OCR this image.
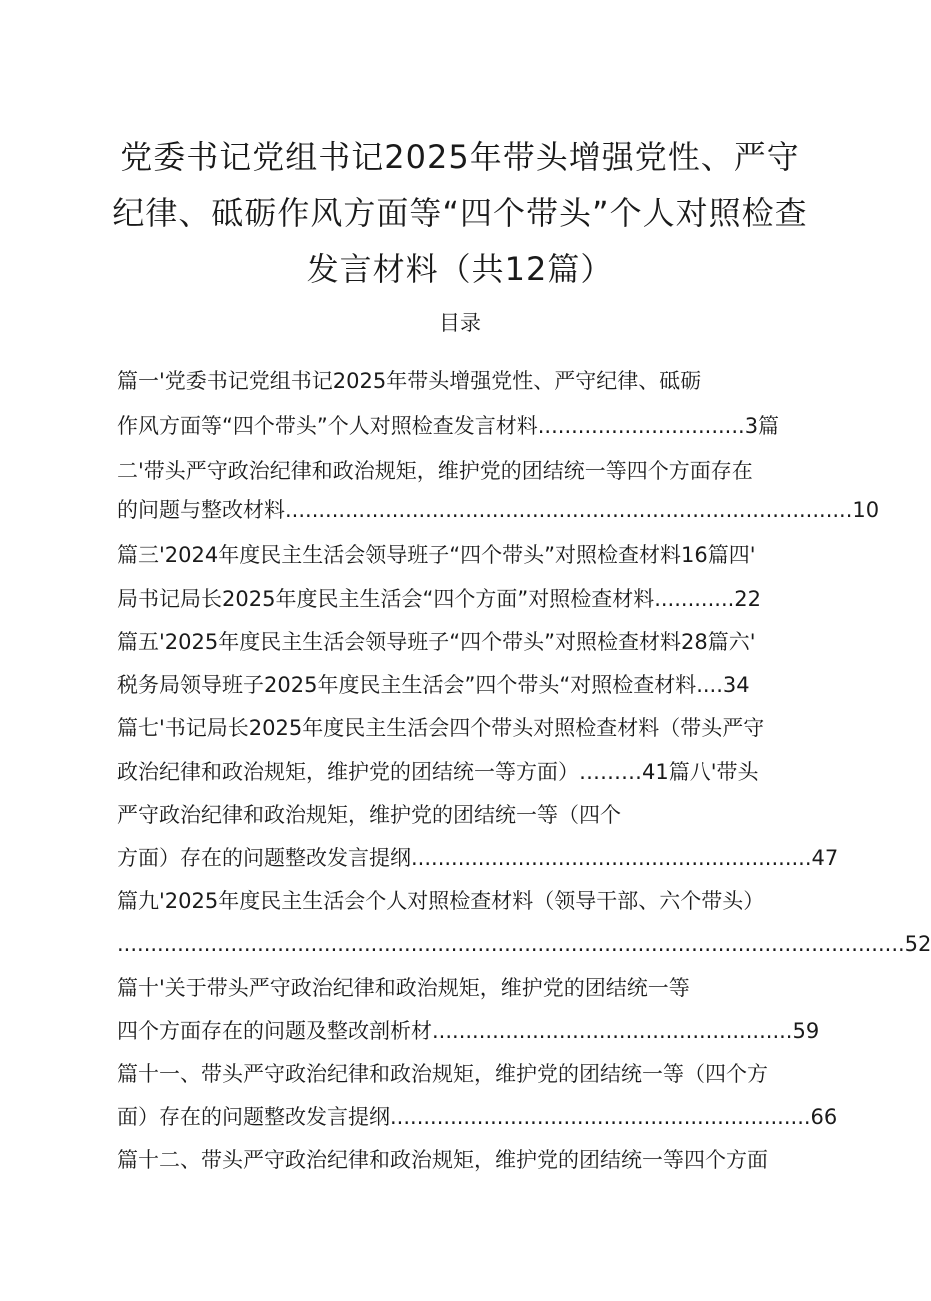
党委书记党组书记2025年带头增强党性、严守
纪律、砥砺作风方面等“四个带头”个人对照检查
发言材料（共12篇）
目录
篇一'党委书记党组书记2025年带头增强党性、严守纪律、砥砺
作风方面等“四个带头”个人对照检查发言材料...............................3篇
二'带头严守政治纪律和政治规矩，维护党的团结统一等四个方面存在
的问题与整改材料.....................................................................................10
篇三'2024年度民主生活会领导班子“四个带头”对照检查材料16篇四'
局书记局长2025年度民主生活会“四个方面”对照检查材料............22
篇五'2025年度民主生活会领导班子“四个带头”对照检查材料28篇六'
税务局领导班子2025年度民主生活会”四个带头“对照检查材料....34
篇七'书记局长2025年度民主生活会四个带头对照检查材料（带头严守
政治纪律和政治规矩，维护党的团结统一等方面）………41篇八'带头
严守政治纪律和政治规矩，维护党的团结统一等（四个
方面）存在的问题整改发言提纲............................................................47
篇九'2025年度民主生活会个人对照检查材料（领导干部、六个带头）
......................................................................................................................52
篇十'关于带头严守政治纪律和政治规矩，维护党的团结统一等
四个方面存在的问题及整改剖析材......................................................59
篇十一、带头严守政治纪律和政治规矩，维护党的团结统一等（四个方
面）存在的问题整改发言提纲...............................................................66
篇十二、带头严守政治纪律和政治规矩，维护党的团结统一等四个方面
